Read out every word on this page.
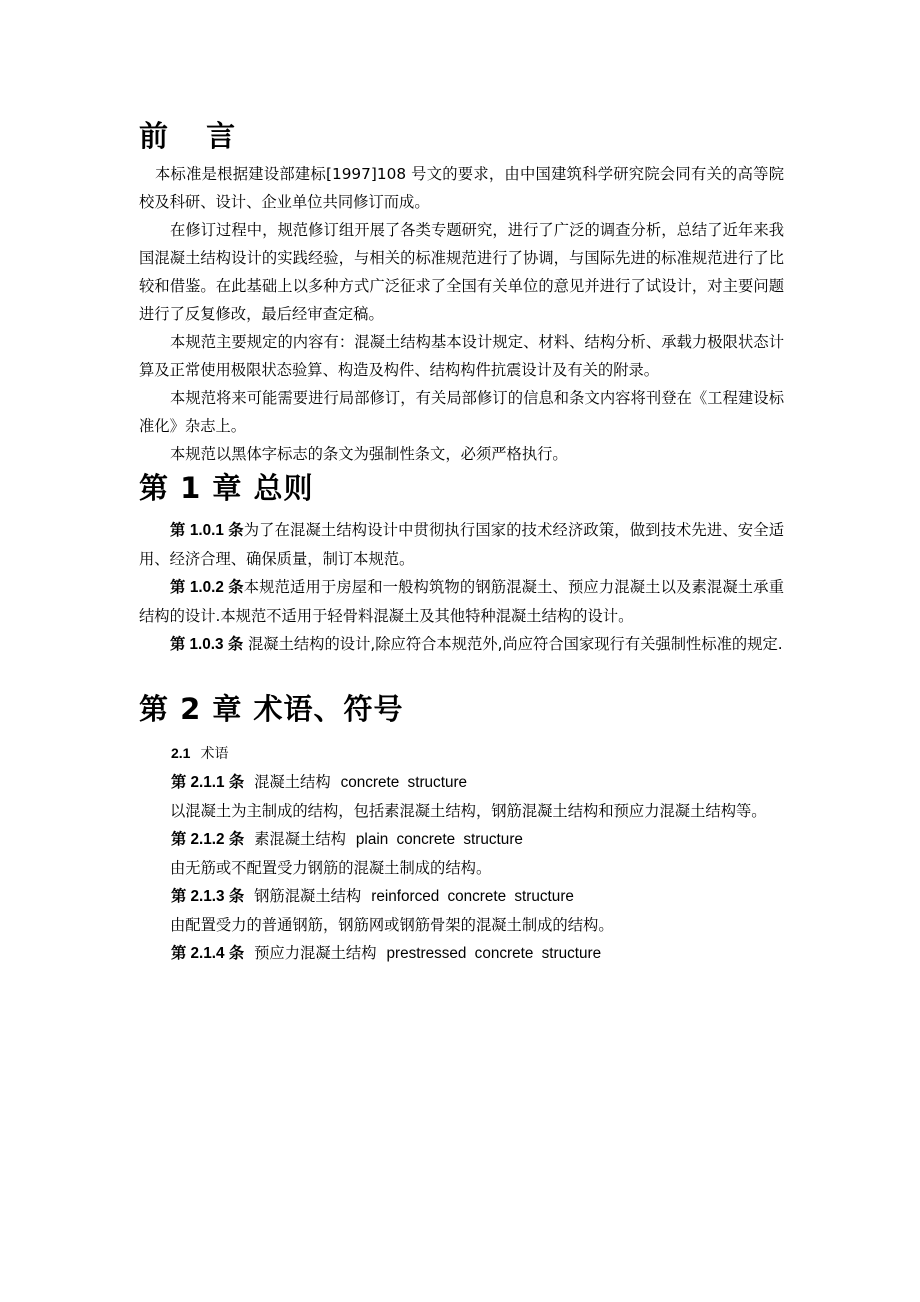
前 言

本标准是根据建设部建标[1997]108 号文的要求，由中国建筑科学研究院会同有关的高等院校及科研、设计、企业单位共同修订而成。

在修订过程中，规范修订组开展了各类专题研究，进行了广泛的调查分析，总结了近年来我国混凝土结构设计的实践经验，与相关的标准规范进行了协调，与国际先进的标准规范进行了比较和借鉴。在此基础上以多种方式广泛征求了全国有关单位的意见并进行了试设计，对主要问题进行了反复修改，最后经审查定稿。

本规范主要规定的内容有：混凝土结构基本设计规定、材料、结构分析、承载力极限状态计算及正常使用极限状态验算、构造及构件、结构构件抗震设计及有关的附录。

本规范将来可能需要进行局部修订，有关局部修订的信息和条文内容将刊登在《工程建设标准化》杂志上。

本规范以黑体字标志的条文为强制性条文，必须严格执行。

第 1 章 总则

第 1.0.1 条为了在混凝土结构设计中贯彻执行国家的技术经济政策，做到技术先进、安全适用、经济合理、确保质量，制订本规范。

第 1.0.2 条本规范适用于房屋和一般构筑物的钢筋混凝土、预应力混凝土以及素混凝土承重结构的设计.本规范不适用于轻骨料混凝土及其他特种混凝土结构的设计。

第 1.0.3 条 混凝土结构的设计,除应符合本规范外,尚应符合国家现行有关强制性标准的规定.

第 2 章 术语、符号
2.1 术语
第 2.1.1 条 混凝土结构 concrete structure

以混凝土为主制成的结构，包括素混凝土结构，钢筋混凝土结构和预应力混凝土结构等。

第 2.1.2 条 素混凝土结构 plain concrete structure

由无筋或不配置受力钢筋的混凝土制成的结构。

第 2.1.3 条 钢筋混凝土结构 reinforced concrete structure

由配置受力的普通钢筋，钢筋网或钢筋骨架的混凝土制成的结构。

第 2.1.4 条 预应力混凝土结构 prestressed concrete structure
